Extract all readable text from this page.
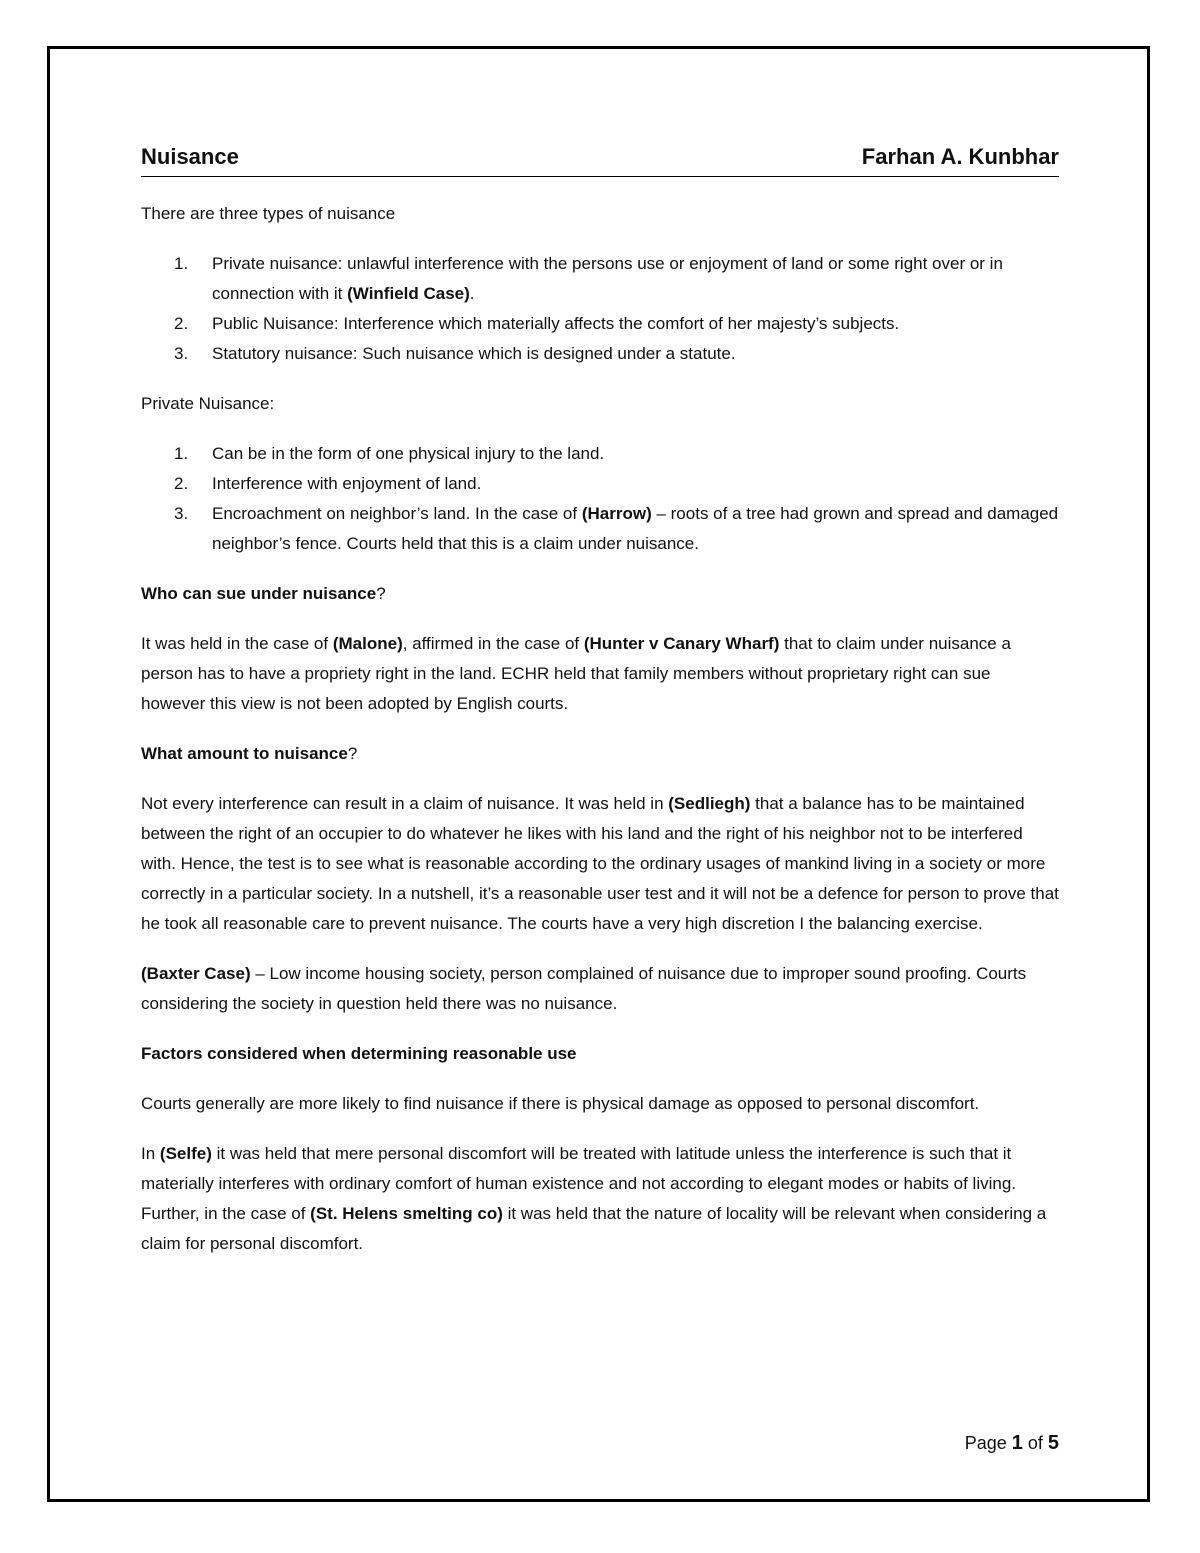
Nuisance	Farhan A. Kunbhar

There are three types of nuisance

1. Private nuisance: unlawful interference with the persons use or enjoyment of land or some right over or in connection with it (Winfield Case).
2. Public Nuisance: Interference which materially affects the comfort of her majesty’s subjects.
3. Statutory nuisance: Such nuisance which is designed under a statute.

Private Nuisance:

1. Can be in the form of one physical injury to the land.
2. Interference with enjoyment of land.
3. Encroachment on neighbor’s land. In the case of (Harrow) – roots of a tree had grown and spread and damaged neighbor’s fence. Courts held that this is a claim under nuisance.

Who can sue under nuisance?

It was held in the case of (Malone), affirmed in the case of (Hunter v Canary Wharf) that to claim under nuisance a person has to have a propriety right in the land. ECHR held that family members without proprietary right can sue however this view is not been adopted by English courts.

What amount to nuisance?

Not every interference can result in a claim of nuisance. It was held in (Sedliegh) that a balance has to be maintained between the right of an occupier to do whatever he likes with his land and the right of his neighbor not to be interfered with. Hence, the test is to see what is reasonable according to the ordinary usages of mankind living in a society or more correctly in a particular society. In a nutshell, it’s a reasonable user test and it will not be a defence for person to prove that he took all reasonable care to prevent nuisance. The courts have a very high discretion I the balancing exercise.

(Baxter Case) – Low income housing society, person complained of nuisance due to improper sound proofing. Courts considering the society in question held there was no nuisance.

Factors considered when determining reasonable use

Courts generally are more likely to find nuisance if there is physical damage as opposed to personal discomfort.

In (Selfe) it was held that mere personal discomfort will be treated with latitude unless the interference is such that it materially interferes with ordinary comfort of human existence and not according to elegant modes or habits of living. Further, in the case of (St. Helens smelting co) it was held that the nature of locality will be relevant when considering a claim for personal discomfort.

Page 1 of 5
